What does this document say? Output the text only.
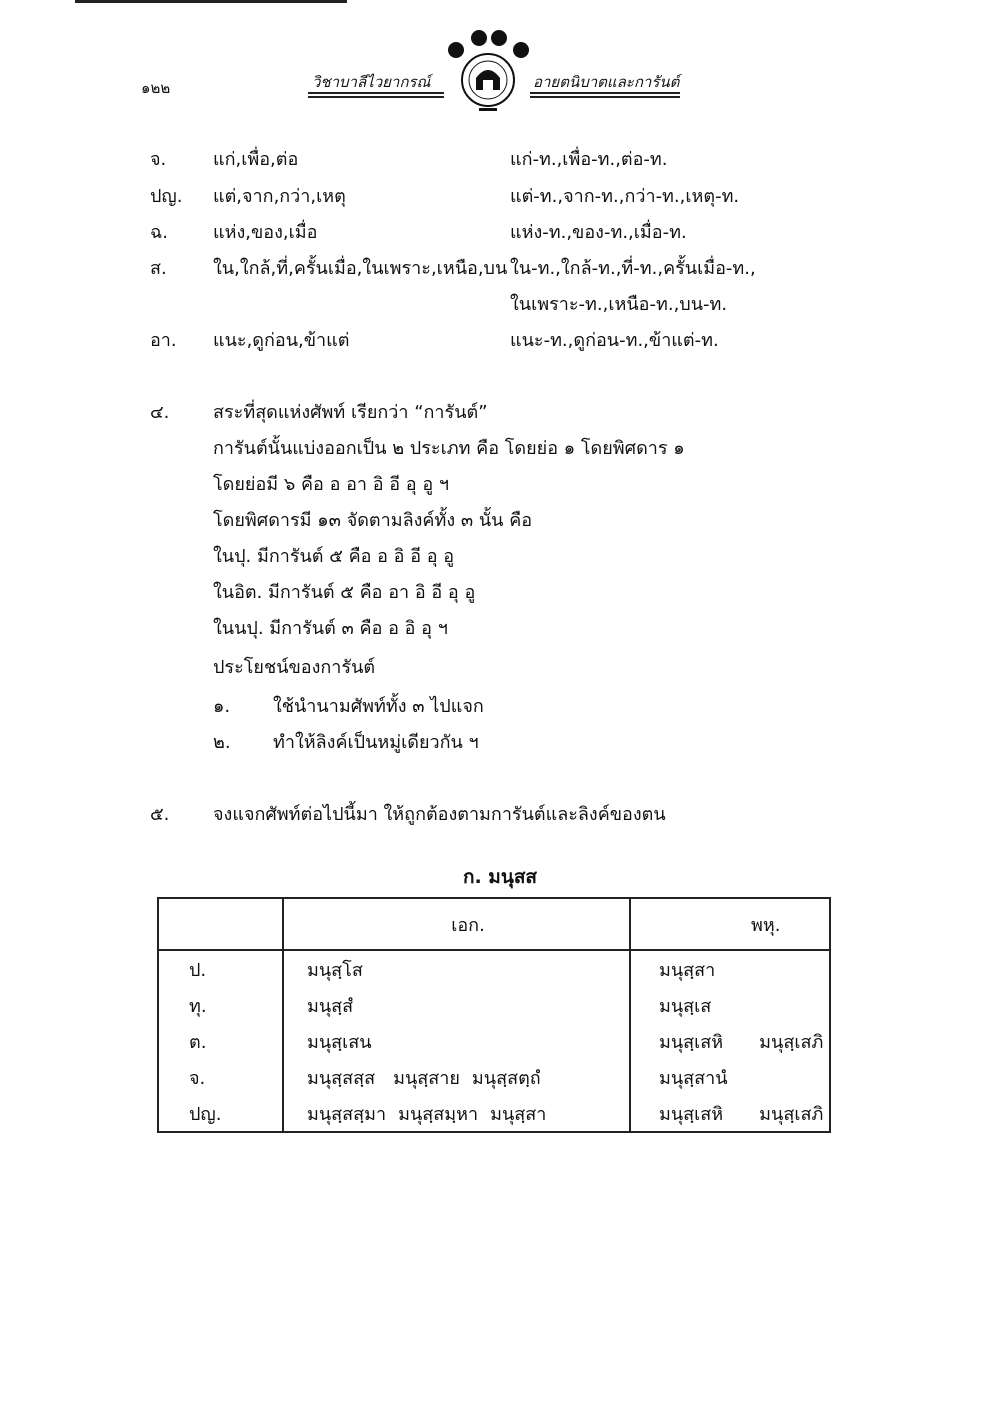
๑๒๒	วิชาบาลีไวยากรณ์	อายตนิบาตและการันต์
จ.	แก่,เพื่อ,ต่อ	แก่-ท.,เพื่อ-ท.,ต่อ-ท.
ปญ. แต่,จาก,กว่า,เหตุ	แต่-ท.,จาก-ท.,กว่า-ท.,เหตุ-ท.
ฉ.	แห่ง,ของ,เมื่อ	แห่ง-ท.,ของ-ท.,เมื่อ-ท.
ส.	ใน,ใกล้,ที่,ครั้นเมื่อ,ในเพราะ,เหนือ,บน ใน-ท.,ใกล้-ท.,ที่-ท.,ครั้นเมื่อ-ท.,
ในเพราะ-ท.,เหนือ-ท.,บน-ท.
อา. แนะ,ดูก่อน,ข้าแต่	แนะ-ท.,ดูก่อน-ท.,ข้าแต่-ท.
๔. สระที่สุดแห่งศัพท์ เรียกว่า “การันต์”
การันต์นั้นแบ่งออกเป็น ๒ ประเภท คือ โดยย่อ ๑ โดยพิศดาร ๑
โดยย่อมี ๖ คือ อ อา อิ อี อุ อู ฯ
โดยพิศดารมี ๑๓ จัดตามลิงค์ทั้ง ๓ นั้น คือ
ในปุ. มีการันต์ ๕ คือ อ อิ อี อุ อู
ในอิต. มีการันต์ ๕ คือ อา อิ อี อุ อู
ในนปุ. มีการันต์ ๓ คือ อ อิ อุ ฯ
ประโยชน์ของการันต์
๑. ใช้นำนามศัพท์ทั้ง ๓ ไปแจก
๒. ทำให้ลิงค์เป็นหมู่เดียวกัน ฯ
๕. จงแจกศัพท์ต่อไปนี้มา ให้ถูกต้องตามการันต์และลิงค์ของตน
ก. มนุสส
	เอก.	พหุ.
ป.	มนุสฺโส	มนุสฺสา
ทุ.	มนุสฺสํ	มนุสฺเส
ต.	มนุสฺเสน	มนุสฺเสหิ มนุสฺเสภิ
จ.	มนุสฺสสฺส มนุสฺสาย มนุสฺสตฺถํ	มนุสฺสานํ
ปญ.	มนุสฺสสฺมา มนุสฺสมฺหา มนุสฺสา	มนุสฺเสหิ มนุสฺเสภิ
